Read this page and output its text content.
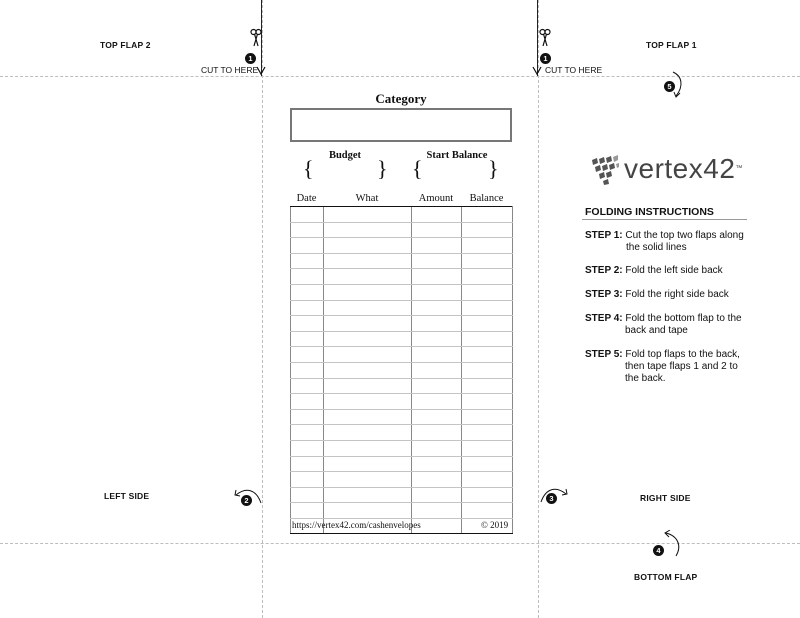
TOP FLAP 2	TOP FLAP 1
LEFT SIDE	RIGHT SIDE
BOTTOM FLAP
CUT TO HERE	CUT TO HERE
1	1
2	3
4
5
Category
Budget	Start Balance
{	} {	}
Date	What	Amount	Balance

https://vertex42.com/cashenvelopes	© 2019
vertex42™
FOLDING INSTRUCTIONS
STEP 1: Cut the top two flaps along
the solid lines
STEP 2: Fold the left side back
STEP 3: Fold the right side back
STEP 4: Fold the bottom flap to the
back and tape
STEP 5: Fold top flaps to the back,
then tape flaps 1 and 2 to
the back.
